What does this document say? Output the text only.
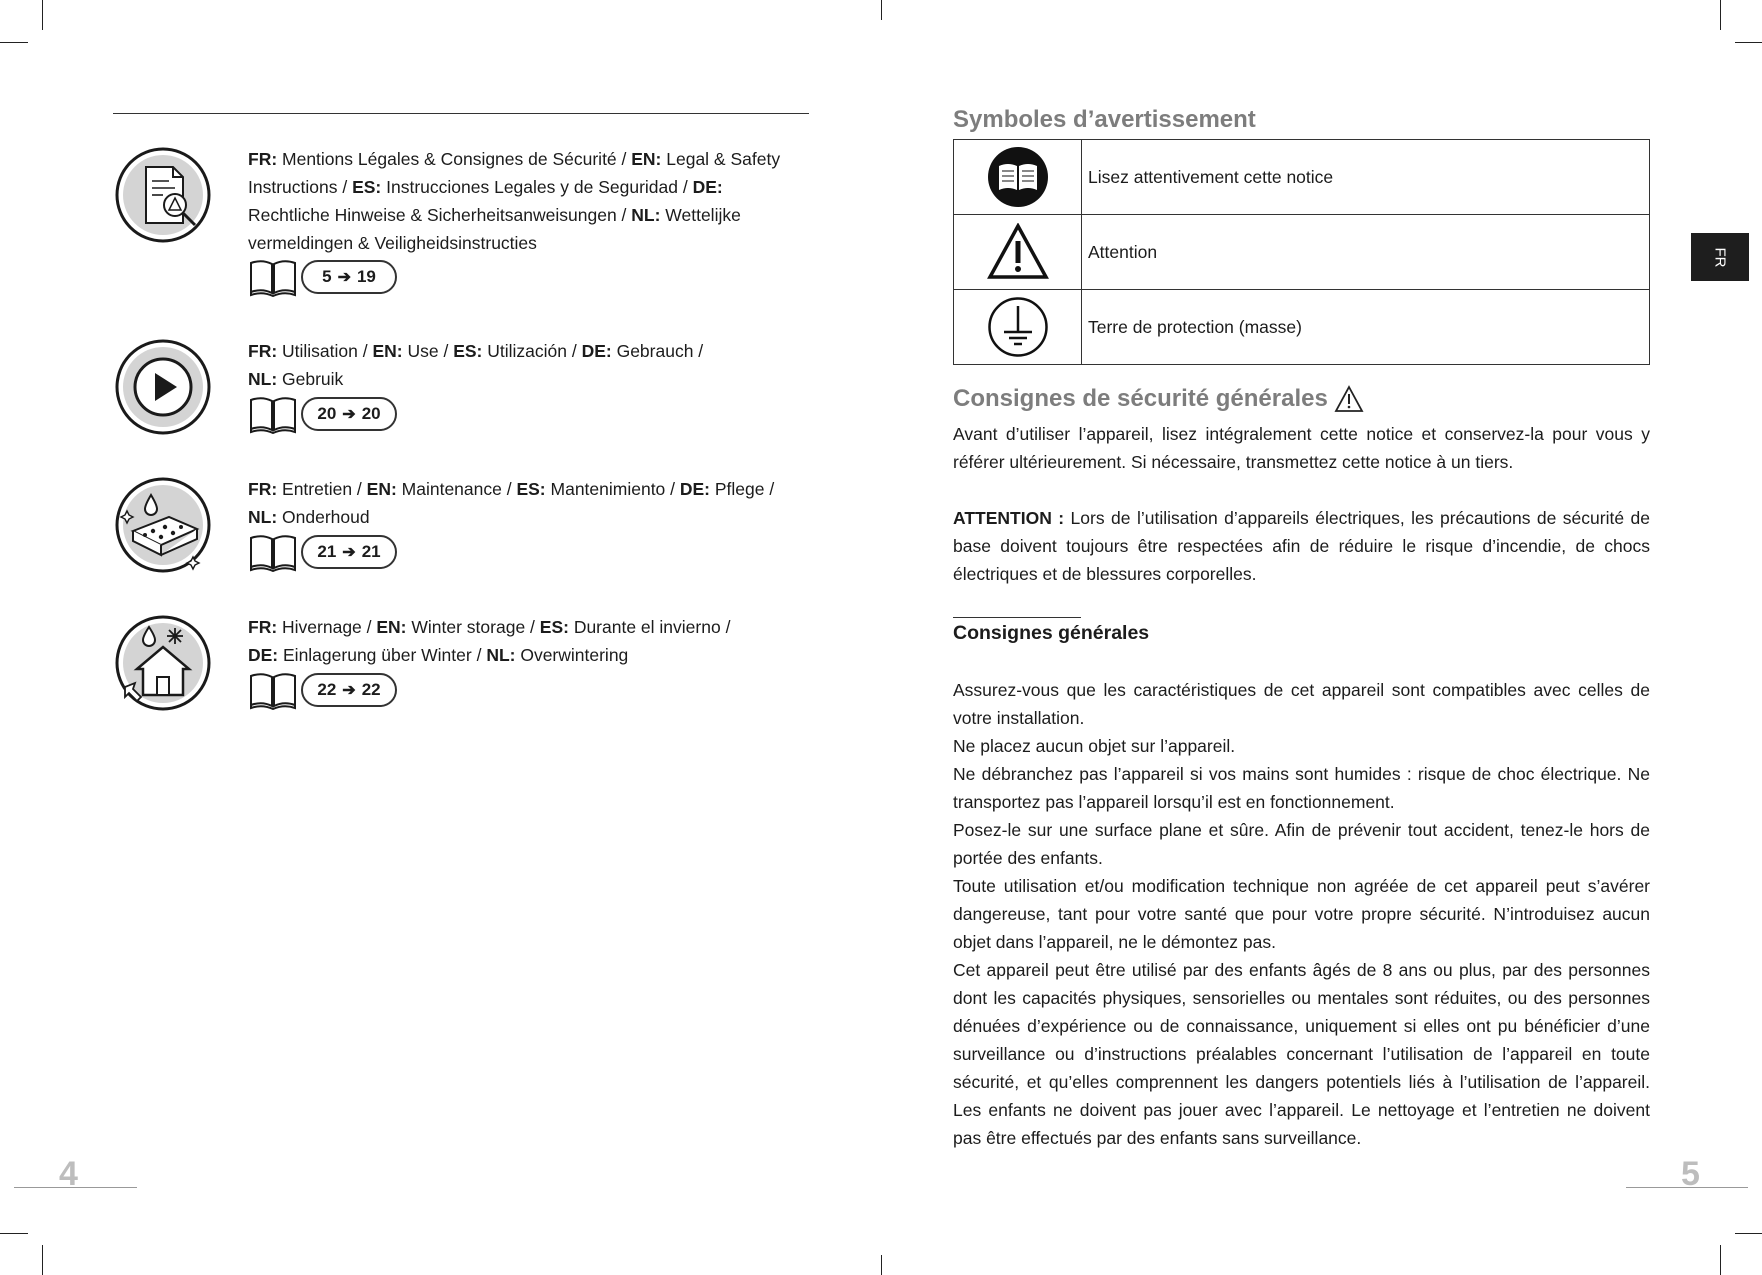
FR: Mentions Légales & Consignes de Sécurité / EN: Legal & Safety Instructions / ES: Instrucciones Legales y de Seguridad / DE: Rechtliche Hinweise & Sicherheitsanweisungen / NL: Wettelijke vermeldingen & Veiligheidsinstructies
5 ➔ 19
FR: Utilisation / EN: Use / ES: Utilización / DE: Gebrauch /
NL: Gebruik
20 ➔ 20
FR: Entretien / EN: Maintenance / ES: Mantenimiento / DE: Pflege /
NL: Onderhoud
21 ➔ 21
FR: Hivernage / EN: Winter storage / ES: Durante el invierno /
DE: Einlagerung über Winter / NL: Overwintering
22 ➔ 22
4
Symboles d’avertissement
	Lisez attentivement cette notice
	Attention
	Terre de protection (masse)
FR
Consignes de sécurité générales

Avant d’utiliser l’appareil, lisez intégralement cette notice et conservez-la pour vous y référer ultérieurement. Si nécessaire, transmettez cette notice à un tiers.

ATTENTION : Lors de l’utilisation d’appareils électriques, les précautions de sécurité de base doivent toujours être respectées afin de réduire le risque d’incendie, de chocs électriques et de blessures corporelles.

Consignes générales

Assurez-vous que les caractéristiques de cet appareil sont compatibles avec celles de votre installation.

Ne placez aucun objet sur l’appareil.

Ne débranchez pas l’appareil si vos mains sont humides : risque de choc électrique. Ne transportez pas l’appareil lorsqu’il est en fonctionnement.

Posez-le sur une surface plane et sûre. Afin de prévenir tout accident, tenez-le hors de portée des enfants.

Toute utilisation et/ou modification technique non agréée de cet appareil peut s’avérer dangereuse, tant pour votre santé que pour votre propre sécurité. N’introduisez aucun objet dans l’appareil, ne le démontez pas.

Cet appareil peut être utilisé par des enfants âgés de 8 ans ou plus, par des personnes dont les capacités physiques, sensorielles ou mentales sont réduites, ou des personnes dénuées d’expérience ou de connaissance, uniquement si elles ont pu bénéficier d’une surveillance ou d’instructions préalables concernant l’utilisation de l’appareil en toute sécurité, et qu’elles comprennent les dangers potentiels liés à l’utilisation de l’appareil. Les enfants ne doivent pas jouer avec l’appareil. Le nettoyage et l’entretien ne doivent pas être effectués par des enfants sans surveillance.

5
